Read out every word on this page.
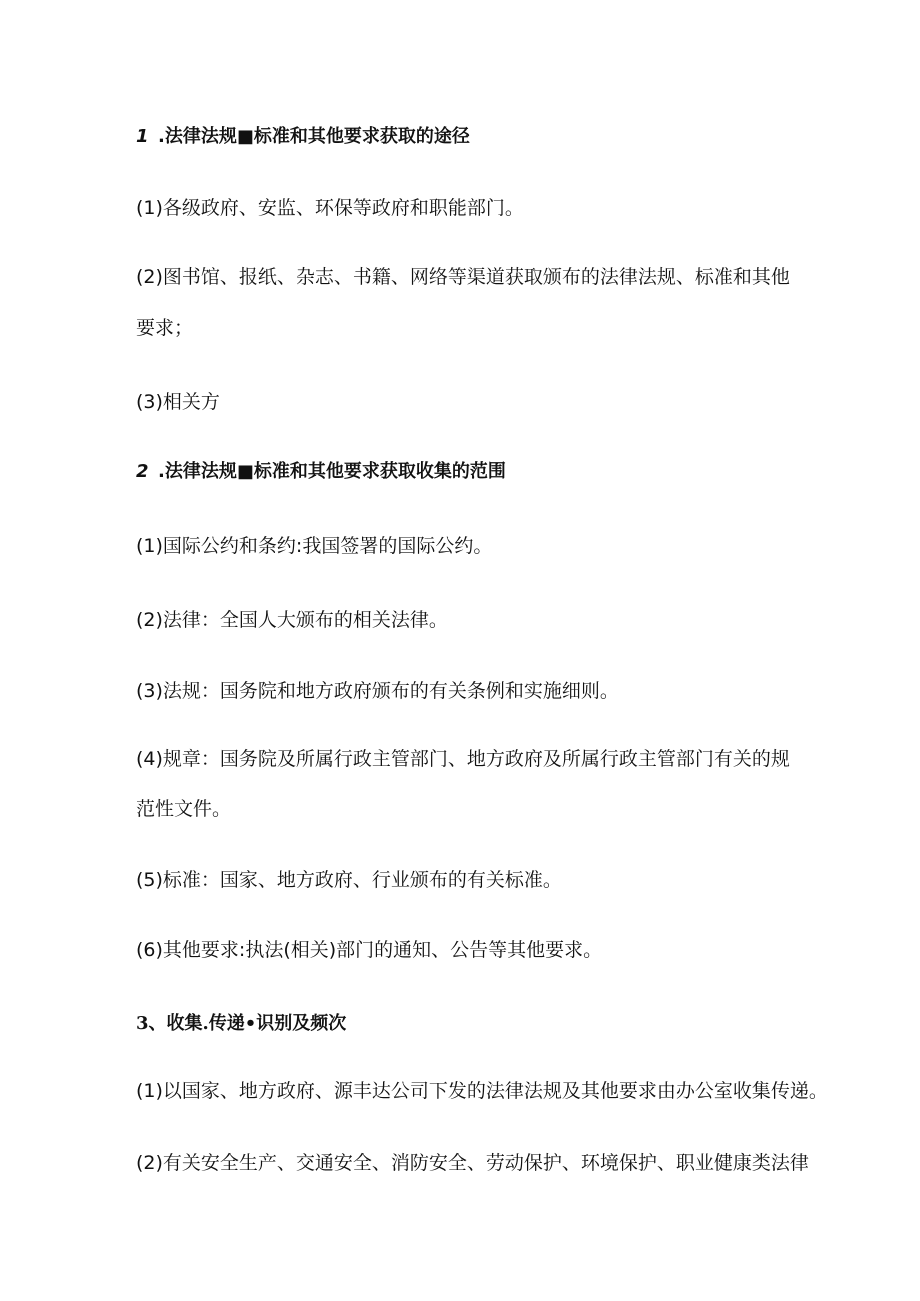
1 .法律法规■标准和其他要求获取的途径
(1)各级政府、安监、环保等政府和职能部门。
(2)图书馆、报纸、杂志、书籍、网络等渠道获取颁布的法律法规、标准和其他
要求；
(3)相关方
2 .法律法规■标准和其他要求获取收集的范围
(1)国际公约和条约:我国签署的国际公约。
(2)法律：全国人大颁布的相关法律。
(3)法规：国务院和地方政府颁布的有关条例和实施细则。
(4)规章：国务院及所属行政主管部门、地方政府及所属行政主管部门有关的规
范性文件。
(5)标准：国家、地方政府、行业颁布的有关标准。
(6)其他要求:执法(相关)部门的通知、公告等其他要求。
3、收集.传递•识别及频次
(1)以国家、地方政府、源丰达公司下发的法律法规及其他要求由办公室收集传递。
(2)有关安全生产、交通安全、消防安全、劳动保护、环境保护、职业健康类法律
